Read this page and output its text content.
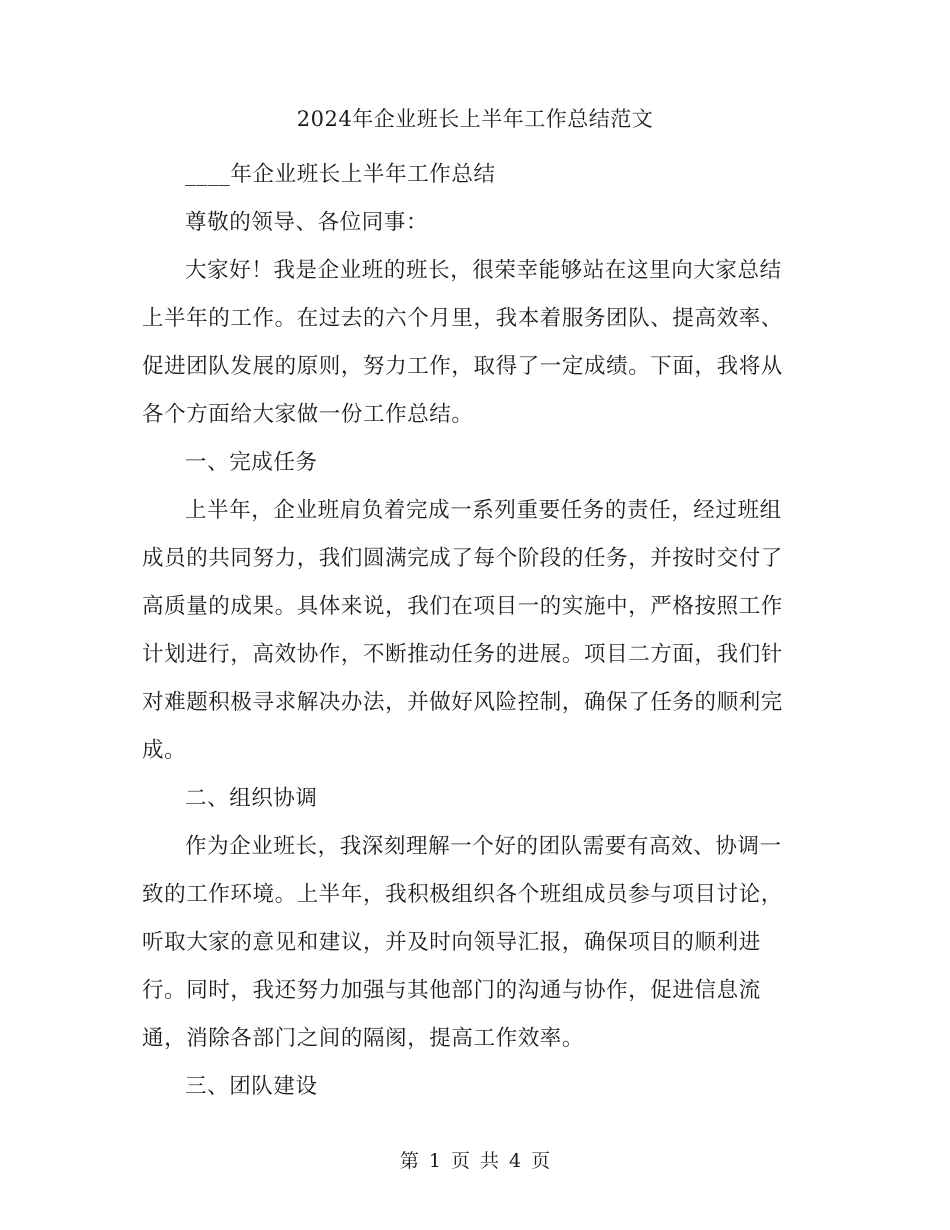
2024年企业班长上半年工作总结范文

____年企业班长上半年工作总结

尊敬的领导、各位同事：

大家好！我是企业班的班长，很荣幸能够站在这里向大家总结上半年的工作。在过去的六个月里，我本着服务团队、提高效率、促进团队发展的原则，努力工作，取得了一定成绩。下面，我将从各个方面给大家做一份工作总结。

一、完成任务

上半年，企业班肩负着完成一系列重要任务的责任，经过班组成员的共同努力，我们圆满完成了每个阶段的任务，并按时交付了高质量的成果。具体来说，我们在项目一的实施中，严格按照工作计划进行，高效协作，不断推动任务的进展。项目二方面，我们针对难题积极寻求解决办法，并做好风险控制，确保了任务的顺利完成。

二、组织协调

作为企业班长，我深刻理解一个好的团队需要有高效、协调一致的工作环境。上半年，我积极组织各个班组成员参与项目讨论，听取大家的意见和建议，并及时向领导汇报，确保项目的顺利进行。同时，我还努力加强与其他部门的沟通与协作，促进信息流通，消除各部门之间的隔阂，提高工作效率。

三、团队建设

第 1 页 共 4 页
